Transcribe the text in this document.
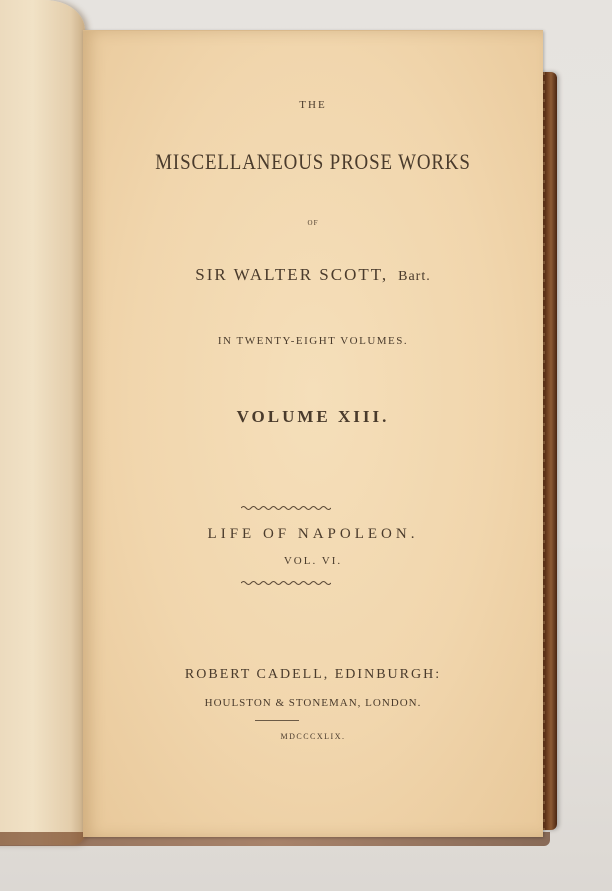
THE
MISCELLANEOUS PROSE WORKS
OF
SIR WALTER SCOTT, Bart.
IN TWENTY-EIGHT VOLUMES.
VOLUME XIII.
LIFE OF NAPOLEON.
VOL. VI.
ROBERT CADELL, EDINBURGH:
HOULSTON & STONEMAN, LONDON.
MDCCCXLIX.
